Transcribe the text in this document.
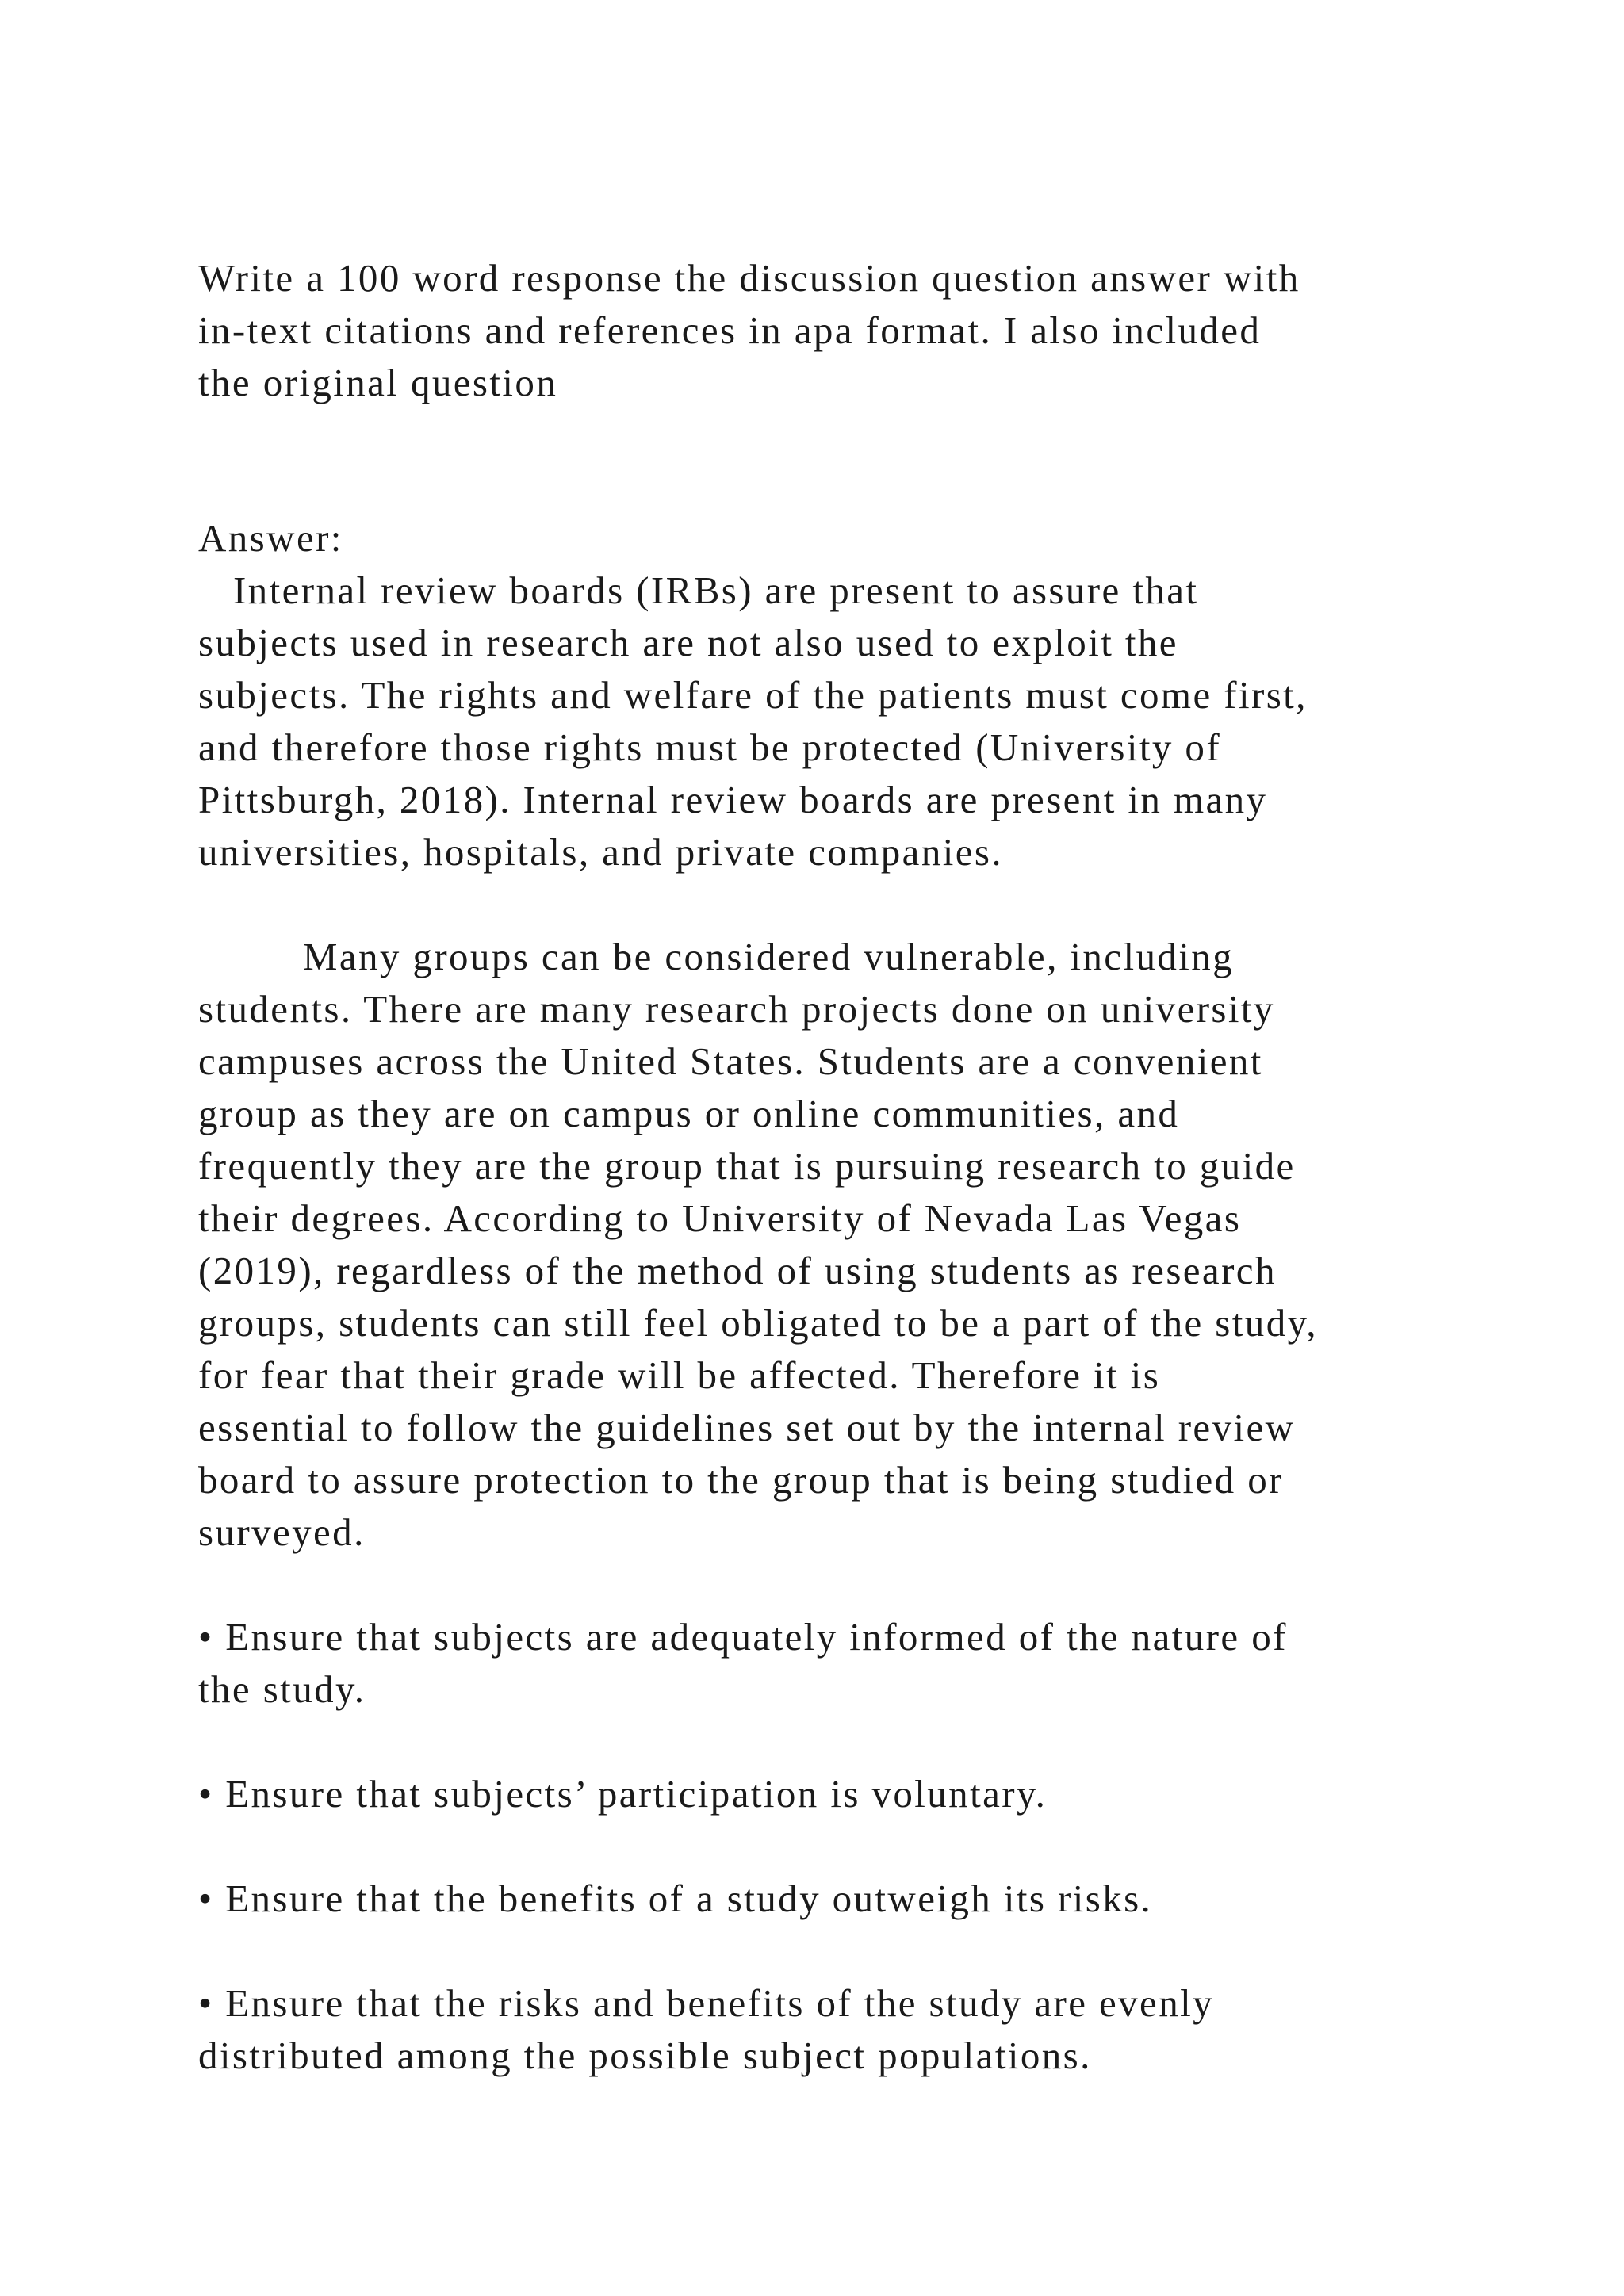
Write a 100 word response the discussion question answer with

in-text citations and references in apa format. I also included

the original question

Answer:

Internal review boards (IRBs) are present to assure that

subjects used in research are not also used to exploit the

subjects. The rights and welfare of the patients must come first,

and therefore those rights must be protected (University of

Pittsburgh, 2018). Internal review boards are present in many

universities, hospitals, and private companies.

Many groups can be considered vulnerable, including

students. There are many research projects done on university

campuses across the United States. Students are a convenient

group as they are on campus or online communities, and

frequently they are the group that is pursuing research to guide

their degrees. According to University of Nevada Las Vegas

(2019), regardless of the method of using students as research

groups, students can still feel obligated to be a part of the study,

for fear that their grade will be affected. Therefore it is

essential to follow the guidelines set out by the internal review

board to assure protection to the group that is being studied or

surveyed.

• Ensure that subjects are adequately informed of the nature of

the study.

• Ensure that subjects’ participation is voluntary.

• Ensure that the benefits of a study outweigh its risks.

• Ensure that the risks and benefits of the study are evenly

distributed among the possible subject populations.
